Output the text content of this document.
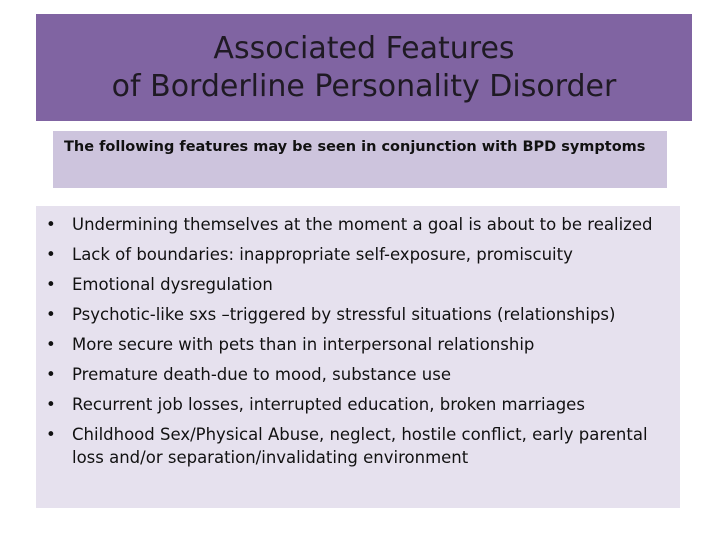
Associated Features
of Borderline Personality Disorder
The following features may be seen in conjunction with BPD symptoms
• Undermining themselves at the moment a goal is about to be realized
• Lack of boundaries: inappropriate self-exposure, promiscuity
• Emotional dysregulation
• Psychotic-like sxs –triggered by stressful situations (relationships)
• More secure with pets than in interpersonal relationship
• Premature death-due to mood, substance use
• Recurrent job losses, interrupted education, broken marriages
• Childhood Sex/Physical Abuse, neglect, hostile conflict, early parental loss and/or separation/invalidating environment
